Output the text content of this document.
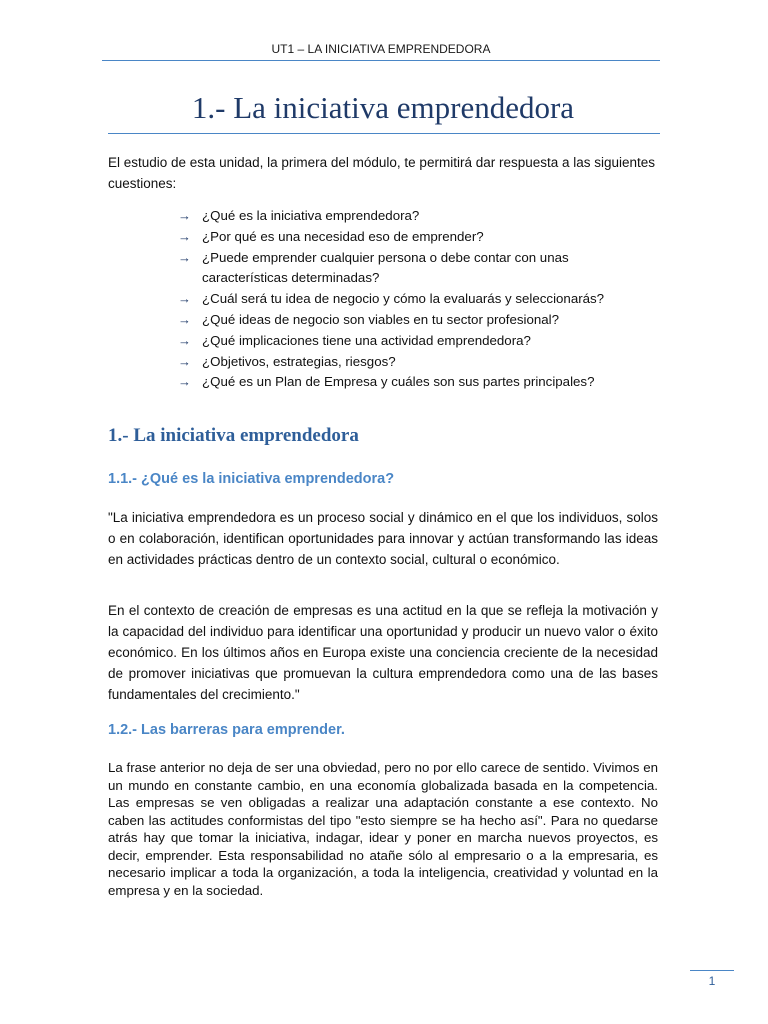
UT1 – LA INICIATIVA EMPRENDEDORA
1.- La iniciativa emprendedora
El estudio de esta unidad, la primera del módulo, te permitirá dar respuesta a las siguientes cuestiones:
→ ¿Qué es la iniciativa emprendedora?
→ ¿Por qué es una necesidad eso de emprender?
→ ¿Puede emprender cualquier persona o debe contar con unas características determinadas?
→ ¿Cuál será tu idea de negocio y cómo la evaluarás y seleccionarás?
→ ¿Qué ideas de negocio son viables en tu sector profesional?
→ ¿Qué implicaciones tiene una actividad emprendedora?
→ ¿Objetivos, estrategias, riesgos?
→ ¿Qué es un Plan de Empresa y cuáles son sus partes principales?
1.- La iniciativa emprendedora
1.1.- ¿Qué es la iniciativa emprendedora?

"La iniciativa emprendedora es un proceso social y dinámico en el que los individuos, solos o en colaboración, identifican oportunidades para innovar y actúan transformando las ideas en actividades prácticas dentro de un contexto social, cultural o económico.

En el contexto de creación de empresas es una actitud en la que se refleja la motivación y la capacidad del individuo para identificar una oportunidad y producir un nuevo valor o éxito económico. En los últimos años en Europa existe una conciencia creciente de la necesidad de promover iniciativas que promuevan la cultura emprendedora como una de las bases fundamentales del crecimiento."

1.2.- Las barreras para emprender.

La frase anterior no deja de ser una obviedad, pero no por ello carece de sentido. Vivimos en un mundo en constante cambio, en una economía globalizada basada en la competencia. Las empresas se ven obligadas a realizar una adaptación constante a ese contexto. No caben las actitudes conformistas del tipo "esto siempre se ha hecho así". Para no quedarse atrás hay que tomar la iniciativa, indagar, idear y poner en marcha nuevos proyectos, es decir, emprender. Esta responsabilidad no atañe sólo al empresario o a la empresaria, es necesario implicar a toda la organización, a toda la inteligencia, creatividad y voluntad en la empresa y en la sociedad.

1
